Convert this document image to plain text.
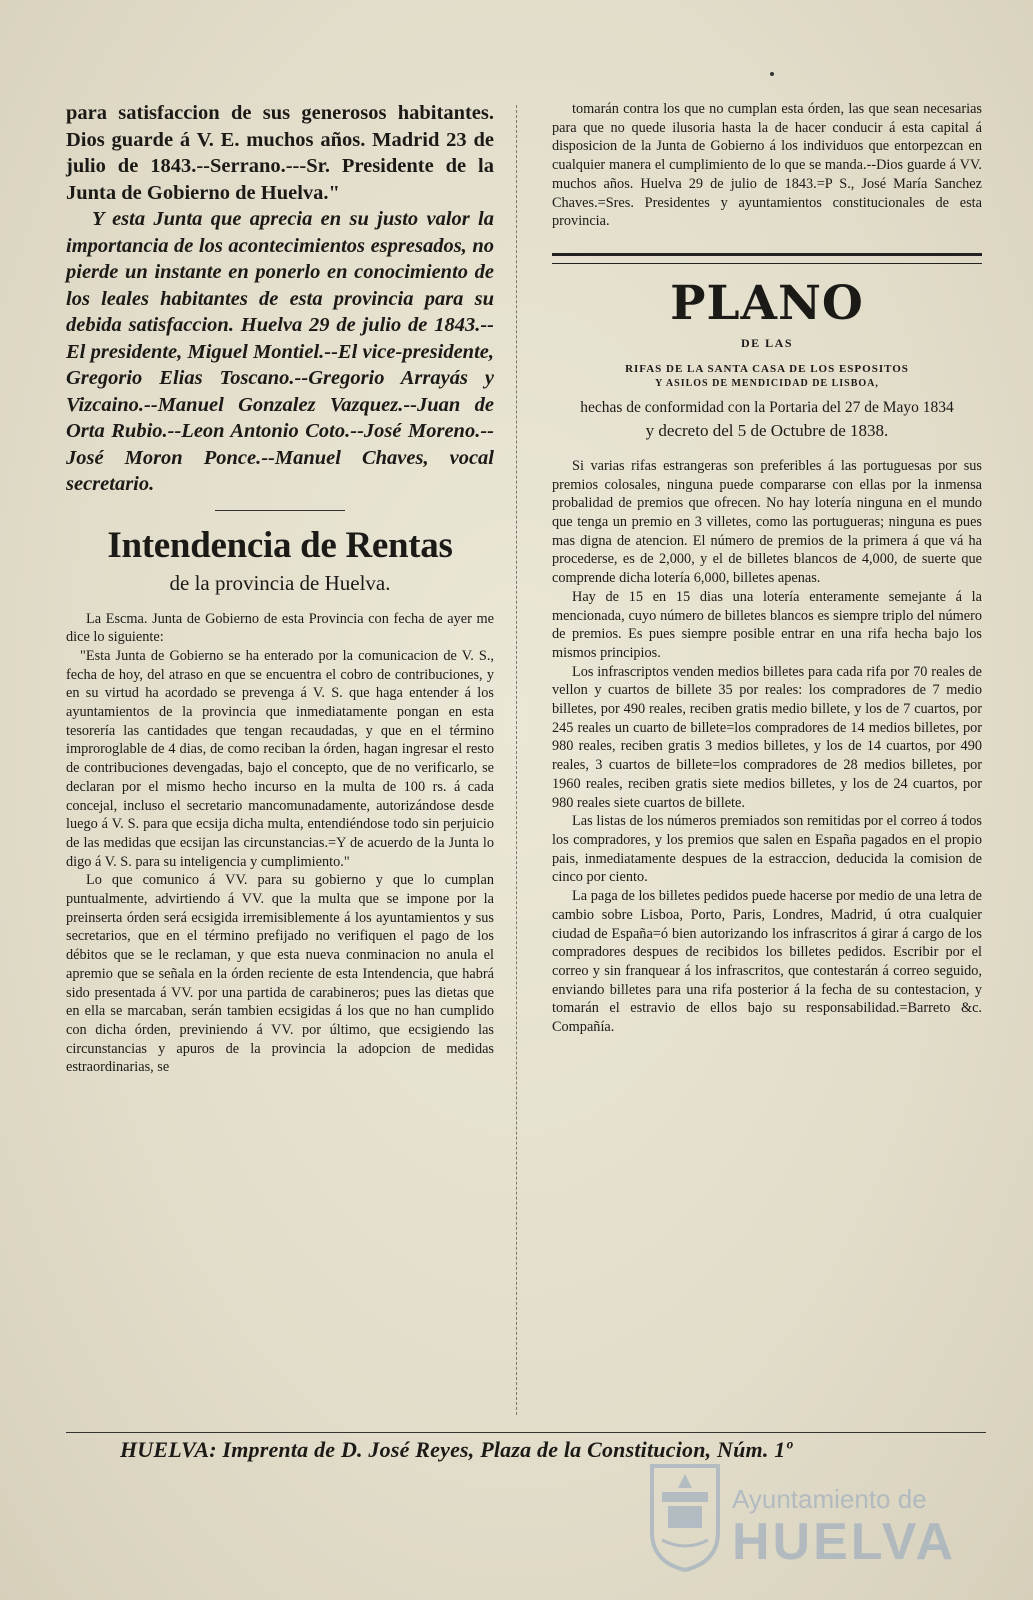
para satisfaccion de sus generosos habitantes. Dios guarde á V. E. muchos años. Madrid 23 de julio de 1843.--Serrano.---Sr. Presidente de la Junta de Gobierno de Huelva."

Y esta Junta que aprecia en su justo valor la importancia de los acontecimientos espresados, no pierde un instante en ponerlo en conocimiento de los leales habitantes de esta provincia para su debida satisfaccion. Huelva 29 de julio de 1843.--El presidente, Miguel Montiel.--El vice-presidente, Gregorio Elias Toscano.--Gregorio Arrayás y Vizcaino.--Manuel Gonzalez Vazquez.--Juan de Orta Rubio.--Leon Antonio Coto.--José Moreno.--José Moron Ponce.--Manuel Chaves, vocal secretario.

Intendencia de Rentas
de la provincia de Huelva.

La Escma. Junta de Gobierno de esta Provincia con fecha de ayer me dice lo siguiente:

"Esta Junta de Gobierno se ha enterado por la comunicacion de V. S., fecha de hoy, del atraso en que se encuentra el cobro de contribuciones, y en su virtud ha acordado se prevenga á V. S. que haga entender á los ayuntamientos de la provincia que inmediatamente pongan en esta tesorería las cantidades que tengan recaudadas, y que en el término improroglable de 4 dias, de como reciban la órden, hagan ingresar el resto de contribuciones devengadas, bajo el concepto, que de no verificarlo, se declaran por el mismo hecho incurso en la multa de 100 rs. á cada concejal, incluso el secretario mancomunadamente, autorizándose desde luego á V. S. para que ecsija dicha multa, entendiéndose todo sin perjuicio de las medidas que ecsijan las circunstancias.=Y de acuerdo de la Junta lo digo á V. S. para su inteligencia y cumplimiento."

Lo que comunico á VV. para su gobierno y que lo cumplan puntualmente, advirtiendo á VV. que la multa que se impone por la preinserta órden será ecsigida irremisiblemente á los ayuntamientos y sus secretarios, que en el término prefijado no verifiquen el pago de los débitos que se le reclaman, y que esta nueva conminacion no anula el apremio que se señala en la órden reciente de esta Intendencia, que habrá sido presentada á VV. por una partida de carabineros; pues las dietas que en ella se marcaban, serán tambien ecsigidas á los que no han cumplido con dicha órden, previniendo á VV. por último, que ecsigiendo las circunstancias y apuros de la provincia la adopcion de medidas estraordinarias, se

tomarán contra los que no cumplan esta órden, las que sean necesarias para que no quede ilusoria hasta la de hacer conducir á esta capital á disposicion de la Junta de Gobierno á los individuos que entorpezcan en cualquier manera el cumplimiento de lo que se manda.--Dios guarde á VV. muchos años. Huelva 29 de julio de 1843.=P S., José María Sanchez Chaves.=Sres. Presidentes y ayuntamientos constitucionales de esta provincia.

PLANO
DE LAS
RIFAS DE LA SANTA CASA DE LOS ESPOSITOS
Y ASILOS DE MENDICIDAD DE LISBOA,
hechas de conformidad con la Portaria del 27 de Mayo 1834
y decreto del 5 de Octubre de 1838.

Si varias rifas estrangeras son preferibles á las portuguesas por sus premios colosales, ninguna puede compararse con ellas por la inmensa probalidad de premios que ofrecen. No hay lotería ninguna en el mundo que tenga un premio en 3 villetes, como las portugueras; ninguna es pues mas digna de atencion. El número de premios de la primera á que vá ha procederse, es de 2,000, y el de billetes blancos de 4,000, de suerte que comprende dicha lotería 6,000, billetes apenas.

Hay de 15 en 15 dias una lotería enteramente semejante á la mencionada, cuyo número de billetes blancos es siempre triplo del número de premios. Es pues siempre posible entrar en una rifa hecha bajo los mismos principios.

Los infrascriptos venden medios billetes para cada rifa por 70 reales de vellon y cuartos de billete 35 por reales: los compradores de 7 medio billetes, por 490 reales, reciben gratis medio billete, y los de 7 cuartos, por 245 reales un cuarto de billete=los compradores de 14 medios billetes, por 980 reales, reciben gratis 3 medios billetes, y los de 14 cuartos, por 490 reales, 3 cuartos de billete=los compradores de 28 medios billetes, por 1960 reales, reciben gratis siete medios billetes, y los de 24 cuartos, por 980 reales siete cuartos de billete.

Las listas de los números premiados son remitidas por el correo á todos los compradores, y los premios que salen en España pagados en el propio pais, inmediatamente despues de la estraccion, deducida la comision de cinco por ciento.

La paga de los billetes pedidos puede hacerse por medio de una letra de cambio sobre Lisboa, Porto, Paris, Londres, Madrid, ú otra cualquier ciudad de España=ó bien autorizando los infrascritos á girar á cargo de los compradores despues de recibidos los billetes pedidos. Escribir por el correo y sin franquear á los infrascritos, que contestarán á correo seguido, enviando billetes para una rifa posterior á la fecha de su contestacion, y tomarán el estravio de ellos bajo su responsabilidad.=Barreto &c. Compañía.

HUELVA: Imprenta de D. José Reyes, Plaza de la Constitucion, Núm. 1º

Ayuntamiento de
HUELVA
